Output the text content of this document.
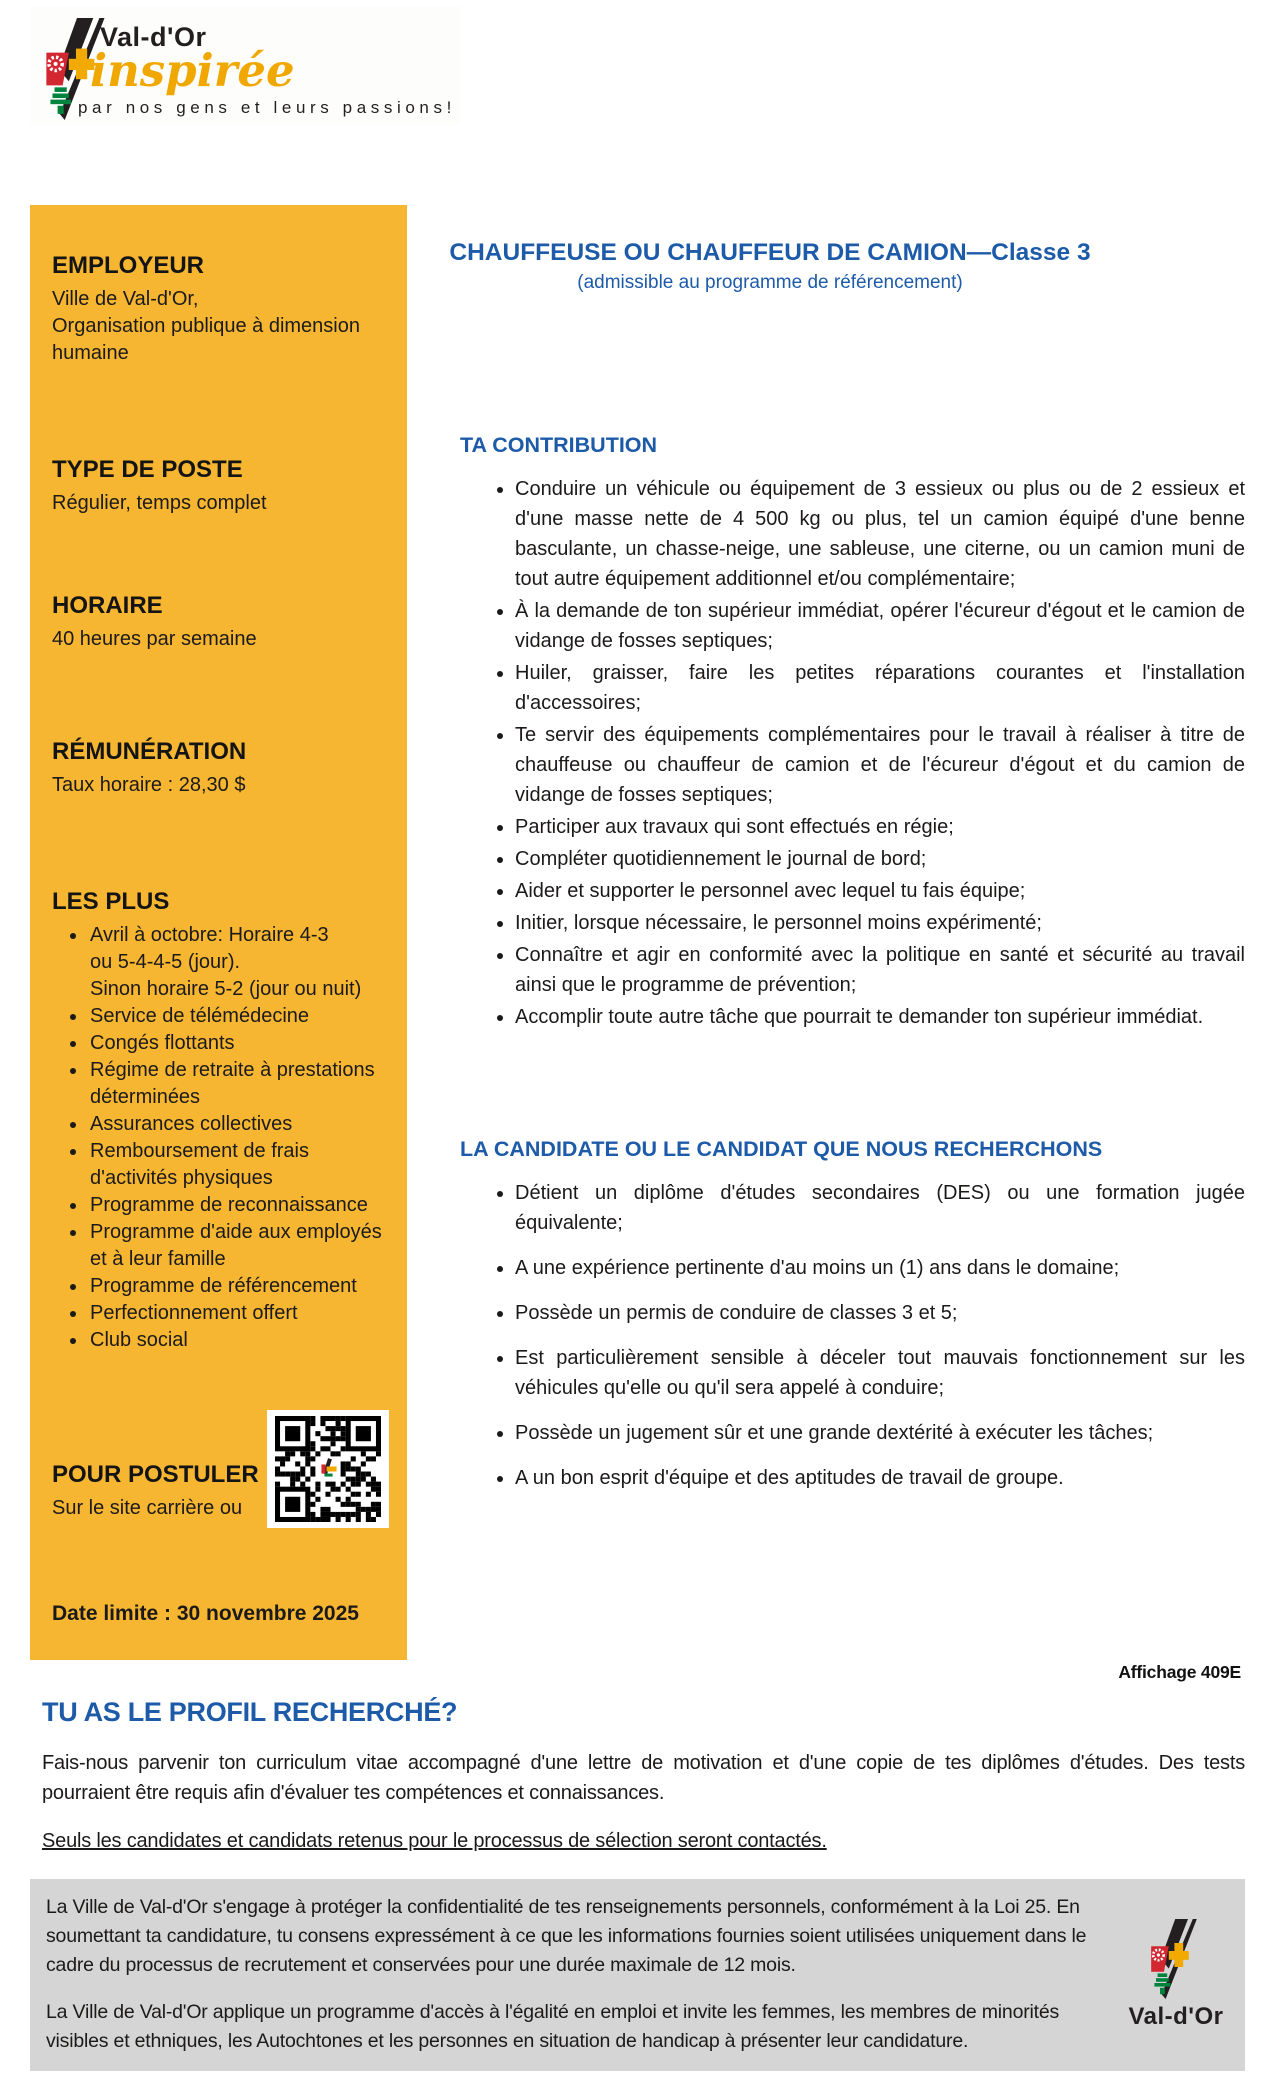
Val-d'Or
inspirée
par nos gens et leurs passions!
EMPLOYEUR

Ville de Val-d'Or,

Organisation publique à dimension humaine

TYPE DE POSTE

Régulier, temps complet

HORAIRE

40 heures par semaine

RÉMUNÉRATION

Taux horaire : 28,30 $

LES PLUS
• Avril à octobre: Horaire 4-3
ou 5-4-4-5 (jour).
Sinon horaire 5-2 (jour ou nuit)
• Service de télémédecine
• Congés flottants
• Régime de retraite à prestations déterminées
• Assurances collectives
• Remboursement de frais d'activités physiques
• Programme de reconnaissance
• Programme d'aide aux employés et à leur famille
• Programme de référencement
• Perfectionnement offert
• Club social
POUR POSTULER

Sur le site carrière ou

Date limite : 30 novembre 2025
CHAUFFEUSE OU CHAUFFEUR DE CAMION—Classe 3

(admissible au programme de référencement)

TA CONTRIBUTION
• Conduire un véhicule ou équipement de 3 essieux ou plus ou de 2 essieux et d'une masse nette de 4 500 kg ou plus, tel un camion équipé d'une benne basculante, un chasse-neige, une sableuse, une citerne, ou un camion muni de tout autre équipement additionnel et/ou complémentaire;
• À la demande de ton supérieur immédiat, opérer l'écureur d'égout et le camion de vidange de fosses septiques;
• Huiler, graisser, faire les petites réparations courantes et l'installation d'accessoires;
• Te servir des équipements complémentaires pour le travail à réaliser à titre de chauffeuse ou chauffeur de camion et de l'écureur d'égout et du camion de vidange de fosses septiques;
• Participer aux travaux qui sont effectués en régie;
• Compléter quotidiennement le journal de bord;
• Aider et supporter le personnel avec lequel tu fais équipe;
• Initier, lorsque nécessaire, le personnel moins expérimenté;
• Connaître et agir en conformité avec la politique en santé et sécurité au travail ainsi que le programme de prévention;
• Accomplir toute autre tâche que pourrait te demander ton supérieur immédiat.
LA CANDIDATE OU LE CANDIDAT QUE NOUS RECHERCHONS
• Détient un diplôme d'études secondaires (DES) ou une formation jugée équivalente;
• A une expérience pertinente d'au moins un (1) ans dans le domaine;
• Possède un permis de conduire de classes 3 et 5;
• Est particulièrement sensible à déceler tout mauvais fonctionnement sur les véhicules qu'elle ou qu'il sera appelé à conduire;
• Possède un jugement sûr et une grande dextérité à exécuter les tâches;
• A un bon esprit d'équipe et des aptitudes de travail de groupe.
Affichage 409E
TU AS LE PROFIL RECHERCHÉ?

Fais-nous parvenir ton curriculum vitae accompagné d'une lettre de motivation et d'une copie de tes diplômes d'études. Des tests pourraient être requis afin d'évaluer tes compétences et connaissances.

Seuls les candidates et candidats retenus pour le processus de sélection seront contactés.

La Ville de Val-d'Or s'engage à protéger la confidentialité de tes renseignements personnels, conformément à la Loi 25. En soumettant ta candidature, tu consens expressément à ce que les informations fournies soient utilisées uniquement dans le cadre du processus de recrutement et conservées pour une durée maximale de 12 mois.

La Ville de Val-d'Or applique un programme d'accès à l'égalité en emploi et invite les femmes, les membres de minorités visibles et ethniques, les Autochtones et les personnes en situation de handicap à présenter leur candidature.

Val-d'Or
